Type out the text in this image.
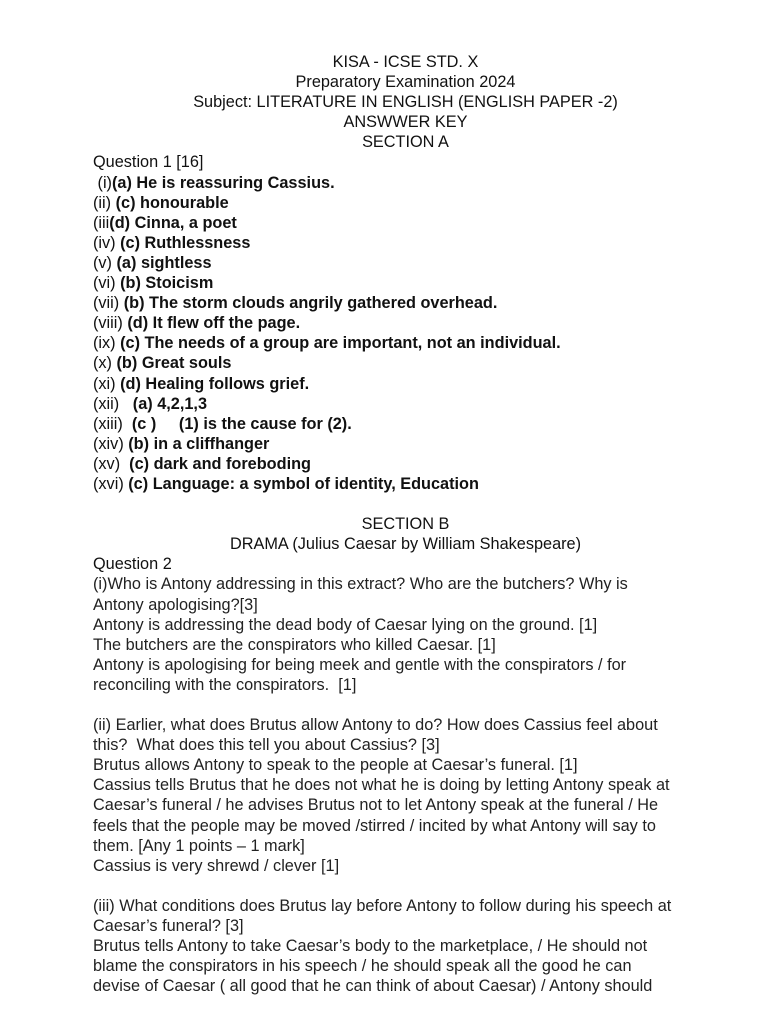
KISA - ICSE STD. X
Preparatory Examination 2024
Subject: LITERATURE IN ENGLISH (ENGLISH PAPER -2)
ANSWWER KEY
SECTION A
Question 1 [16]
(i)(a) He is reassuring Cassius.
(ii) (c) honourable
(iii(d) Cinna, a poet
(iv) (c) Ruthlessness
(v) (a) sightless
(vi) (b) Stoicism
(vii) (b) The storm clouds angrily gathered overhead.
(viii) (d) It flew off the page.
(ix) (c) The needs of a group are important, not an individual.
(x) (b) Great souls
(xi) (d) Healing follows grief.
(xii)   (a) 4,2,1,3
(xiii)  (c )     (1) is the cause for (2).
(xiv) (b) in a cliffhanger
(xv)  (c) dark and foreboding
(xvi) (c) Language: a symbol of identity, Education
SECTION B
DRAMA (Julius Caesar by William Shakespeare)
Question 2
(i)Who is Antony addressing in this extract? Who are the butchers? Why is
Antony apologising?[3]
Antony is addressing the dead body of Caesar lying on the ground. [1]
The butchers are the conspirators who killed Caesar. [1]
Antony is apologising for being meek and gentle with the conspirators / for
reconciling with the conspirators.  [1]
(ii) Earlier, what does Brutus allow Antony to do? How does Cassius feel about
this?  What does this tell you about Cassius? [3]
Brutus allows Antony to speak to the people at Caesar’s funeral. [1]
Cassius tells Brutus that he does not what he is doing by letting Antony speak at
Caesar’s funeral / he advises Brutus not to let Antony speak at the funeral / He
feels that the people may be moved /stirred / incited by what Antony will say to
them. [Any 1 points – 1 mark]
Cassius is very shrewd / clever [1]
(iii) What conditions does Brutus lay before Antony to follow during his speech at
Caesar’s funeral? [3]
Brutus tells Antony to take Caesar’s body to the marketplace, / He should not
blame the conspirators in his speech / he should speak all the good he can
devise of Caesar ( all good that he can think of about Caesar) / Antony should
